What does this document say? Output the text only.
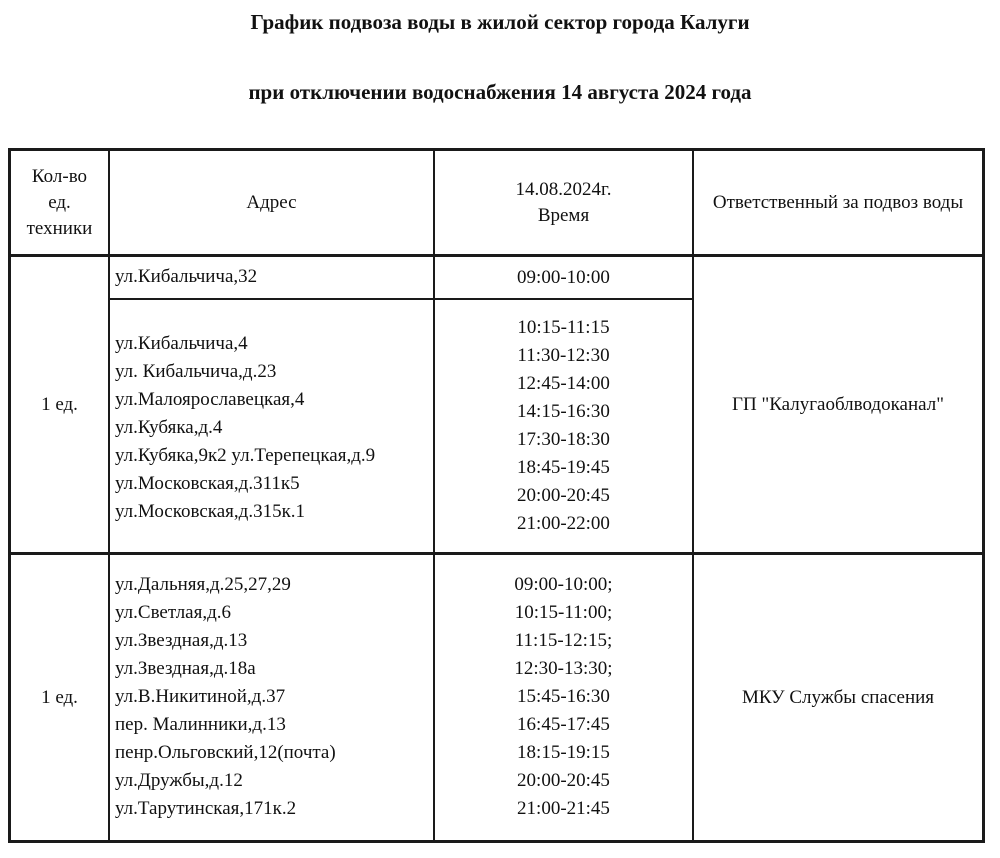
График подвоза воды в жилой сектор города Калуги
при отключении водоснабжения 14 августа 2024 года
Кол-во ед. техники
Адрес
14.08.2024г. Время
Ответственный за подвоз воды
1 ед.
ул.Кибальчича,32	09:00-10:00
ул.Кибальчича,4
ул. Кибальчича,д.23
ул.Малоярославецкая,4
ул.Кубяка,д.4
ул.Кубяка,9к2 ул.Терепецкая,д.9
ул.Московская,д.311к5
ул.Московская,д.315к.1
10:15-11:15
11:30-12:30
12:45-14:00
14:15-16:30
17:30-18:30
18:45-19:45
20:00-20:45
21:00-22:00
ГП "Калугаоблводоканал"
1 ед.
ул.Дальняя,д.25,27,29
ул.Светлая,д.6
ул.Звездная,д.13
ул.Звездная,д.18а
ул.В.Никитиной,д.37
пер. Малинники,д.13
пенр.Ольговский,12(почта)
ул.Дружбы,д.12
ул.Тарутинская,171к.2
09:00-10:00;
10:15-11:00;
11:15-12:15;
12:30-13:30;
15:45-16:30
16:45-17:45
18:15-19:15
20:00-20:45
21:00-21:45
МКУ Службы спасения
